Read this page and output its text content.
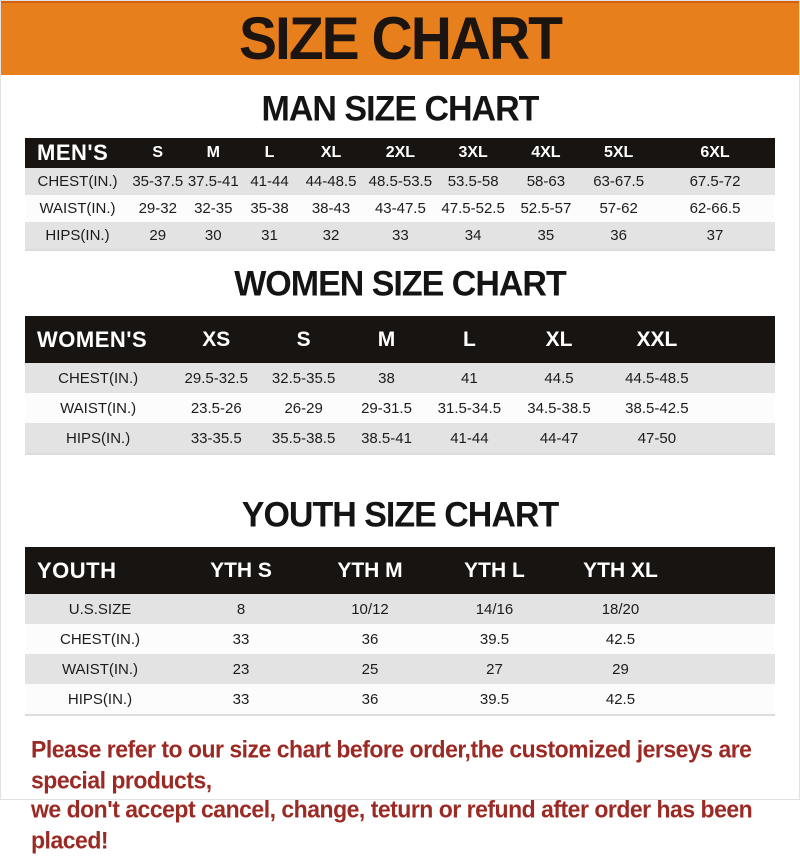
SIZE CHART
MAN SIZE CHART
MEN'S	S	M	L	XL	2XL	3XL	4XL	5XL	6XL
CHEST(IN.)	35-37.5	37.5-41	41-44	44-48.5	48.5-53.5	53.5-58	58-63	63-67.5	67.5-72
WAIST(IN.)	29-32	32-35	35-38	38-43	43-47.5	47.5-52.5	52.5-57	57-62	62-66.5
HIPS(IN.)	29	30	31	32	33	34	35	36	37
WOMEN SIZE CHART
WOMEN'S	XS	S	M	L	XL	XXL	
CHEST(IN.)	29.5-32.5	32.5-35.5	38	41	44.5	44.5-48.5	
WAIST(IN.)	23.5-26	26-29	29-31.5	31.5-34.5	34.5-38.5	38.5-42.5	
HIPS(IN.)	33-35.5	35.5-38.5	38.5-41	41-44	44-47	47-50	
YOUTH SIZE CHART
YOUTH	YTH S	YTH M	YTH L	YTH XL	
U.S.SIZE	8	10/12	14/16	18/20	
CHEST(IN.)	33	36	39.5	42.5	
WAIST(IN.)	23	25	27	29	
HIPS(IN.)	33	36	39.5	42.5	

Please refer to our size chart before order,the customized jerseys are special products,

we don't accept cancel, change, teturn or refund after order has been placed!
